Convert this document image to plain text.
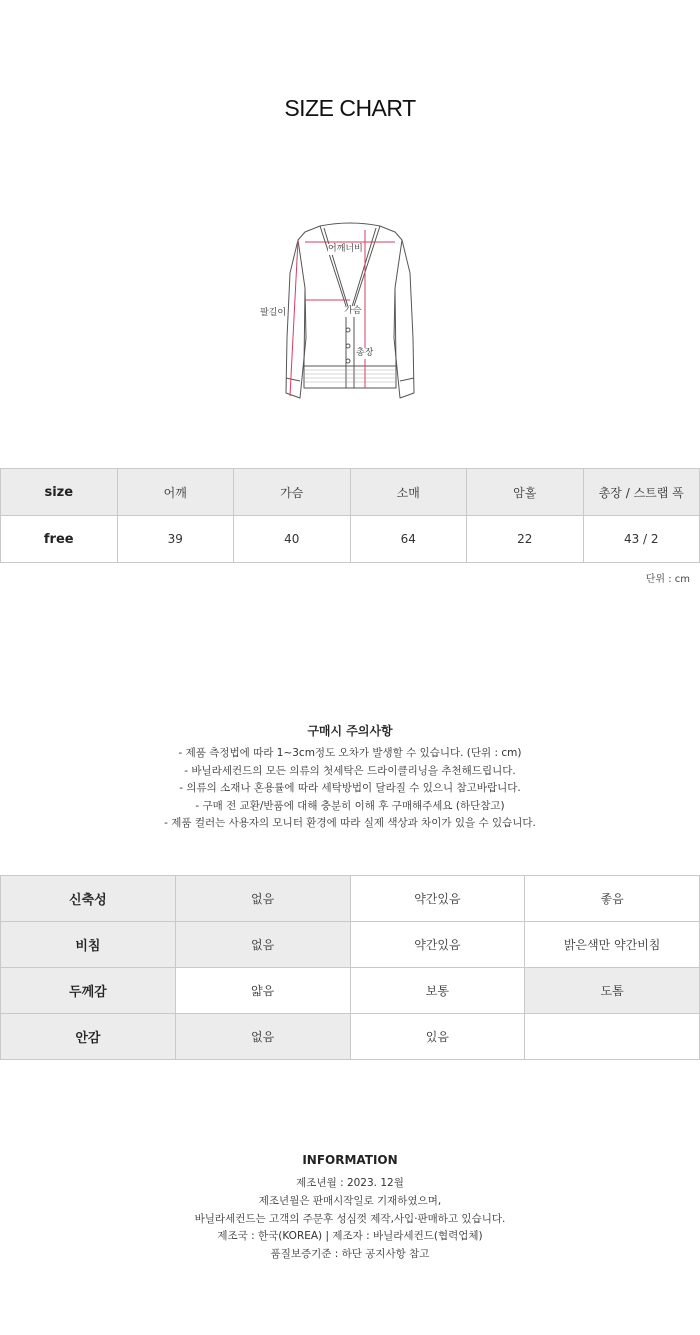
SIZE CHART
어깨너비
팔길이	가슴
총장
size	어깨	가슴	소매	암홀	총장 / 스트랩 폭
free	39	40	64	22	43 / 2
단위 : cm
구매시 주의사항
- 제품 측정법에 따라 1~3cm정도 오차가 발생할 수 있습니다. (단위 : cm)
- 바닐라세컨드의 모든 의류의 첫세탁은 드라이클리닝을 추천해드립니다.
- 의류의 소재나 혼용률에 따라 세탁방법이 달라질 수 있으니 참고바랍니다.
- 구매 전 교환/반품에 대해 충분히 이해 후 구매해주세요 (하단참고)
- 제품 컬러는 사용자의 모니터 환경에 따라 실제 색상과 차이가 있을 수 있습니다.
신축성	없음	약간있음	좋음
비침	없음	약간있음	밝은색만 약간비침
두께감	얇음	보통	도톰
안감	없음	있음	
INFORMATION
제조년월 : 2023. 12월
제조년월은 판매시작일로 기재하였으며,
바닐라세컨드는 고객의 주문후 성심껏 제작,사입·판매하고 있습니다.
제조국 : 한국(KOREA) | 제조자 : 바닐라세컨드(협력업체)
품질보증기준 : 하단 공지사항 참고
